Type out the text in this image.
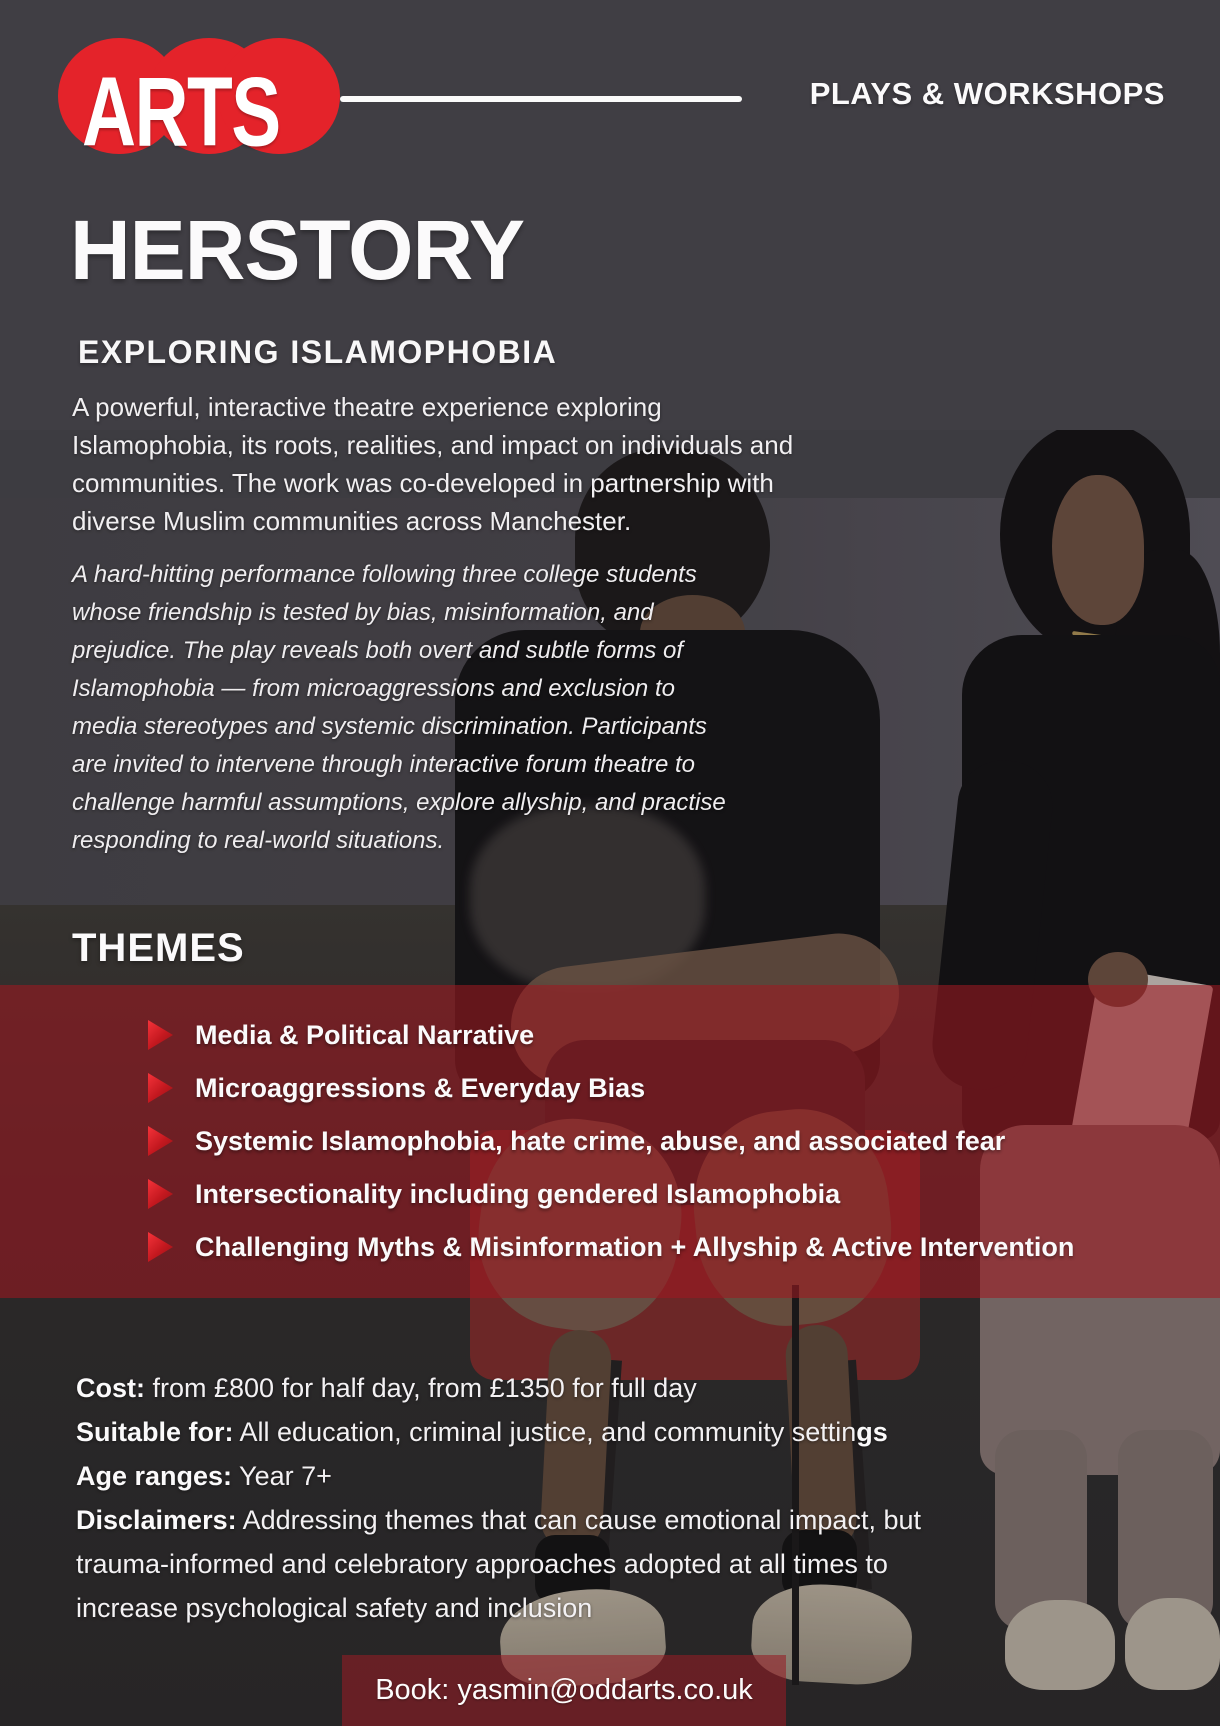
ARTS	PLAYS & WORKSHOPS
HERSTORY
EXPLORING ISLAMOPHOBIA

A powerful, interactive theatre experience exploring Islamophobia, its roots, realities, and impact on individuals and communities. The work was co-developed in partnership with diverse Muslim communities across Manchester.

A hard-hitting performance following three college students whose friendship is tested by bias, misinformation, and prejudice. The play reveals both overt and subtle forms of Islamophobia — from microaggressions and exclusion to media stereotypes and systemic discrimination. Participants are invited to intervene through interactive forum theatre to challenge harmful assumptions, explore allyship, and practise responding to real-world situations.

THEMES
Media & Political Narrative
Microaggressions & Everyday Bias
Systemic Islamophobia, hate crime, abuse, and associated fear
Intersectionality including gendered Islamophobia
Challenging Myths & Misinformation + Allyship & Active Intervention

Cost: from £800 for half day, from £1350 for full day

Suitable for: All education, criminal justice, and community settings

Age ranges: Year 7+

Disclaimers: Addressing themes that can cause emotional impact, but trauma-informed and celebratory approaches adopted at all times to increase psychological safety and inclusion

Book: yasmin@oddarts.co.uk
